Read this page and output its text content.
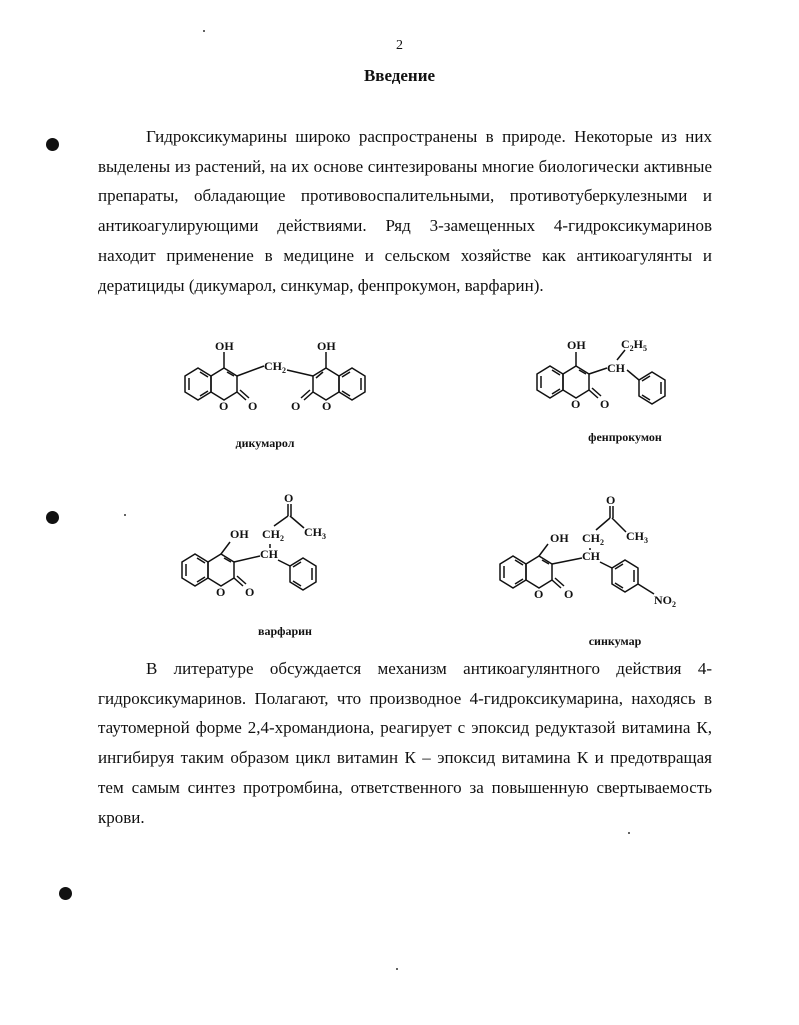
2
Введение

Гидроксикумарины широко распространены в природе. Некоторые из них выделены из растений, на их основе синтезированы многие биологически активные препараты, обладающие противовоспалительными, противотуберкулезными и антикоагулирующими действиями. Ряд 3-замещенных 4-гидроксикумаринов находит применение в медицине и сельском хозяйстве как антикоагулянты и дератициды (дикумарол, синкумар, фенпрокумон, варфарин).

OH
O O
$CH_2$
OH
O O
дикумарол
OH
O O
CH
$C_2H_5$
фенпрокумон
OH
O O
CH
$CH_2$
O
$CH_3$
варфарин
OH
O O
CH
$CH_2$
O
$CH_3$
$NO_2$
синкумар

В литературе обсуждается механизм антикоагулянтного действия 4-гидроксикумаринов. Полагают, что производное 4-гидроксикумарина, находясь в таутомерной форме 2,4-хромандиона, реагирует с эпоксид редуктазой витамина К, ингибируя таким образом цикл витамин К – эпоксид витамина К и предотвращая тем самым синтез протромбина, ответственного за повышенную свертываемость крови.
